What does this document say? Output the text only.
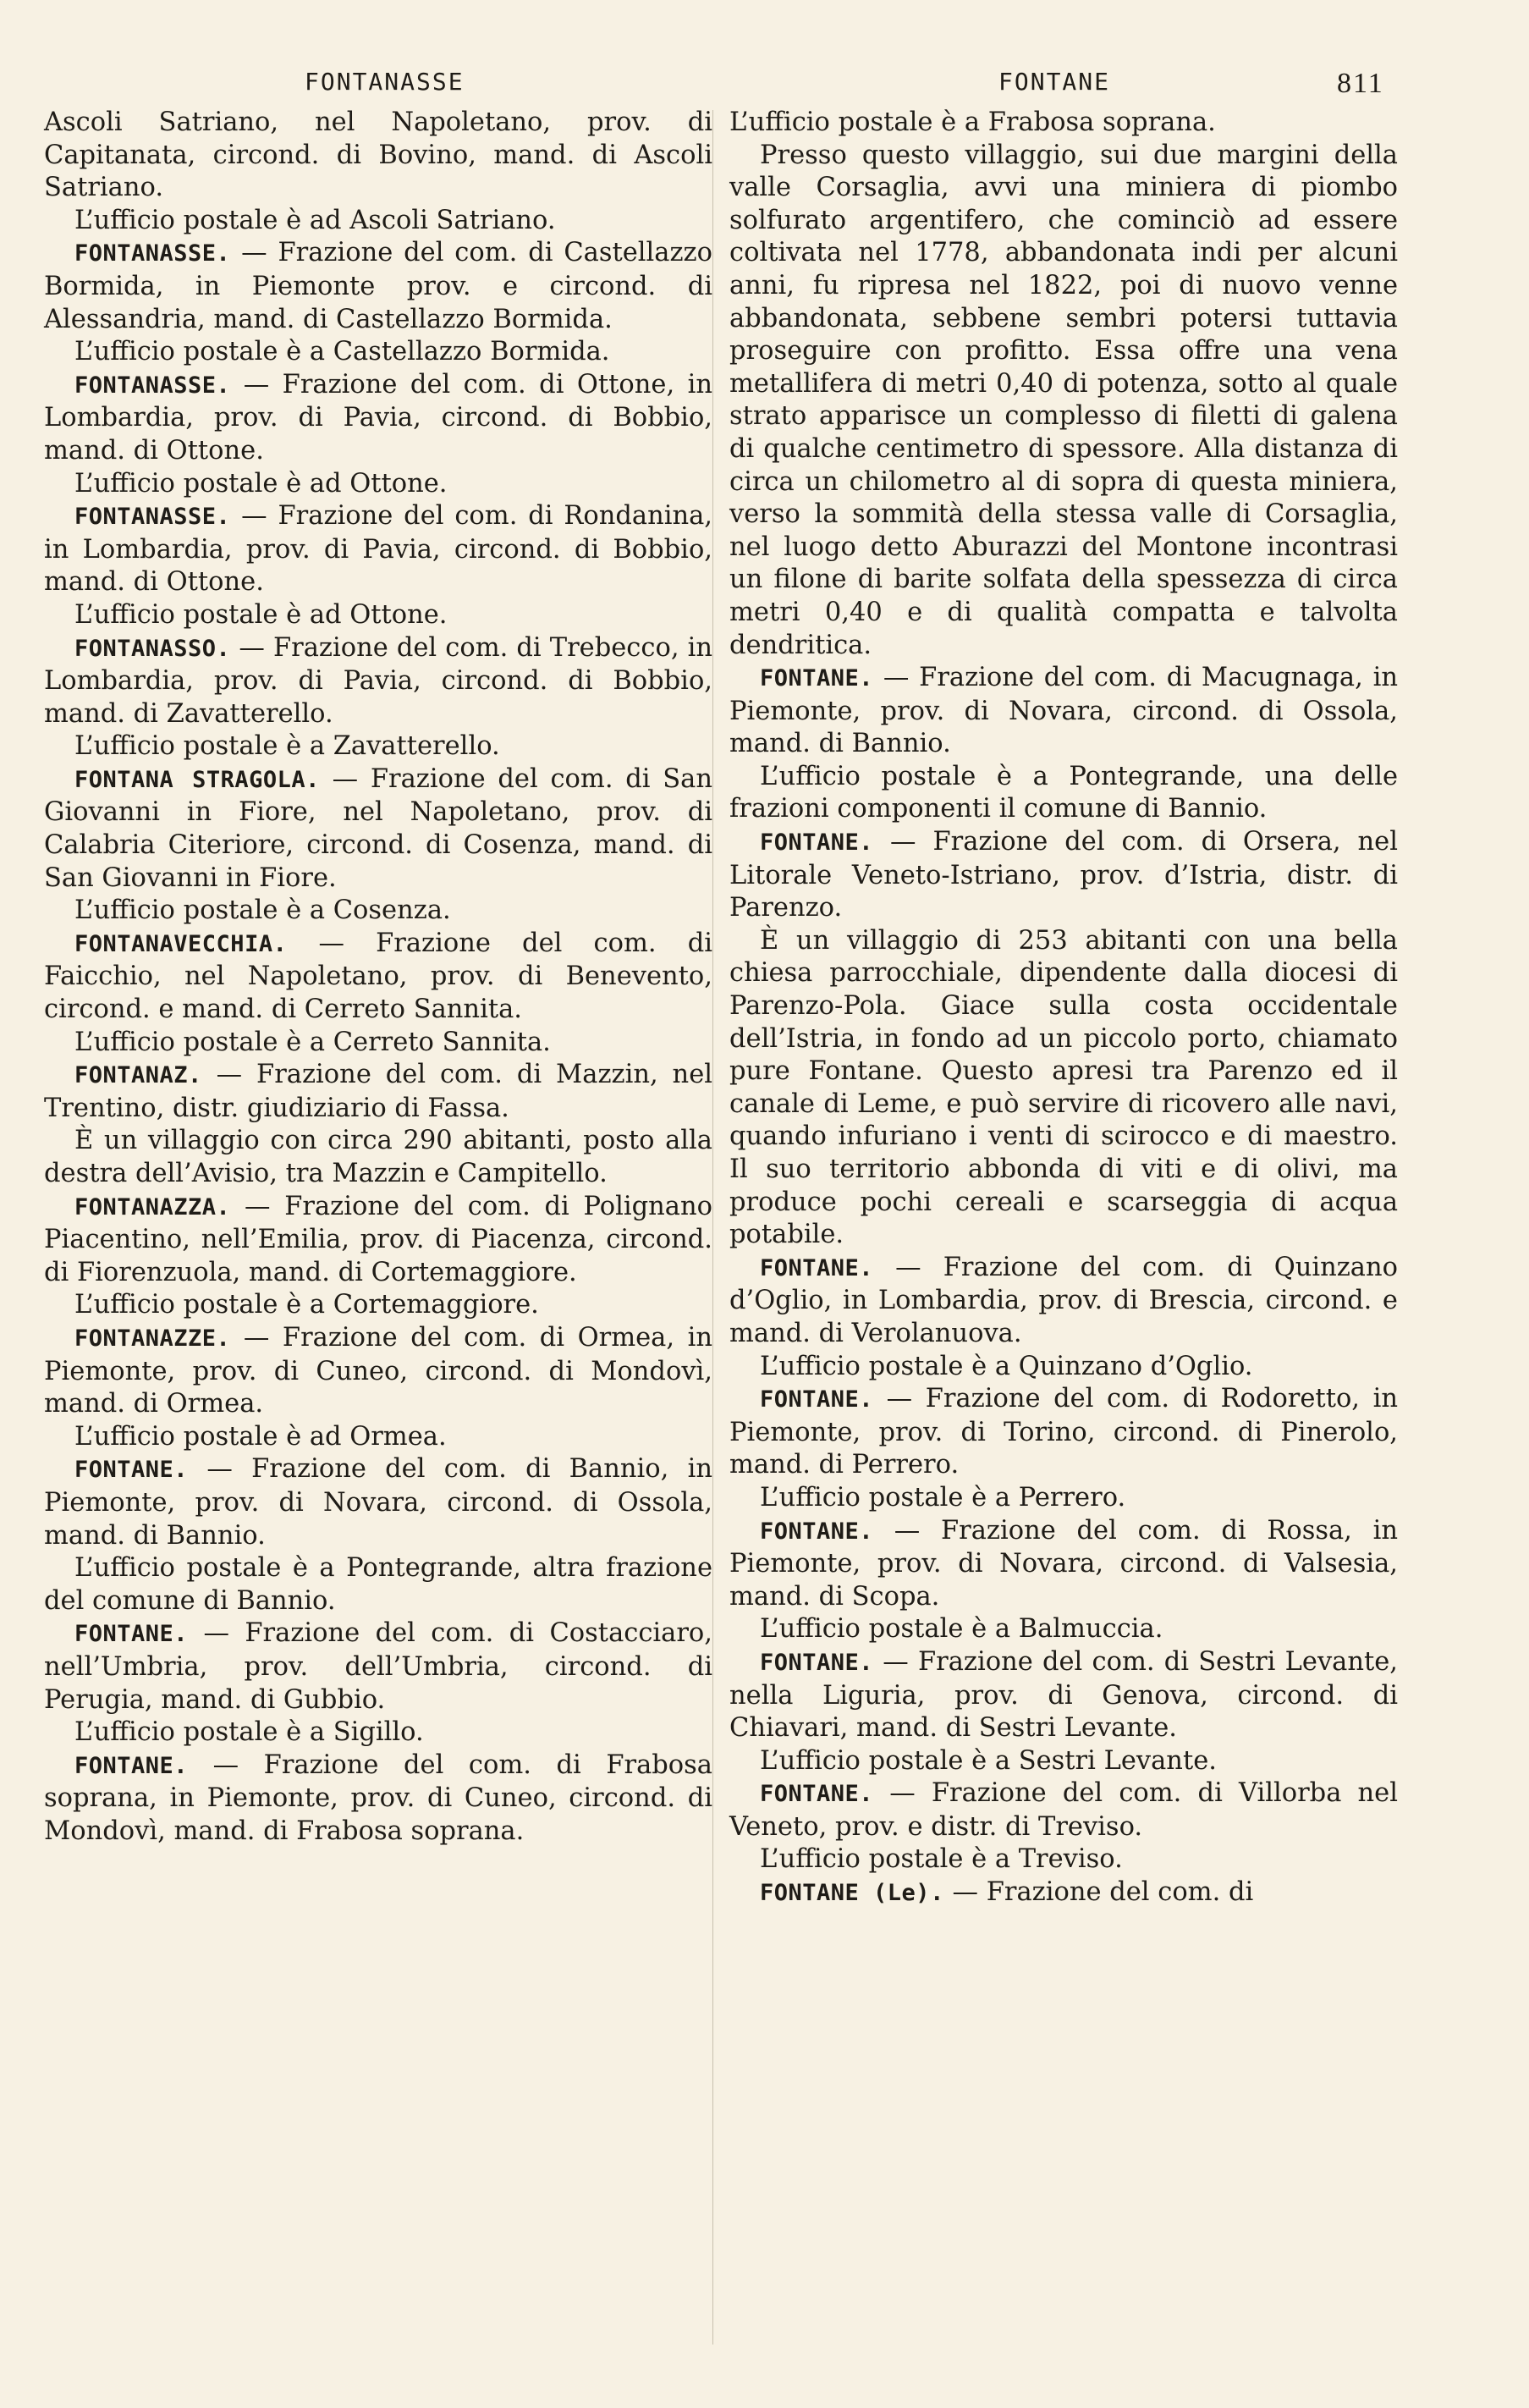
FONTANASSE	FONTANE	811

Ascoli Satriano, nel Napoletano, prov. di Capitanata, circond. di Bovino, mand. di Ascoli Satriano.

L’ufficio postale è ad Ascoli Satriano.

FONTANASSE. — Frazione del com. di Castellazzo Bormida, in Piemonte prov. e circond. di Alessandria, mand. di Castellazzo Bormida.

L’ufficio postale è a Castellazzo Bormida.

FONTANASSE. — Frazione del com. di Ottone, in Lombardia, prov. di Pavia, circond. di Bobbio, mand. di Ottone.

L’ufficio postale è ad Ottone.

FONTANASSE. — Frazione del com. di Rondanina, in Lombardia, prov. di Pavia, circond. di Bobbio, mand. di Ottone.

L’ufficio postale è ad Ottone.

FONTANASSO. — Frazione del com. di Trebecco, in Lombardia, prov. di Pavia, circond. di Bobbio, mand. di Zavatterello.

L’ufficio postale è a Zavatterello.

FONTANA STRAGOLA. — Frazione del com. di San Giovanni in Fiore, nel Napoletano, prov. di Calabria Citeriore, circond. di Cosenza, mand. di San Giovanni in Fiore.

L’ufficio postale è a Cosenza.

FONTANAVECCHIA. — Frazione del com. di Faicchio, nel Napoletano, prov. di Benevento, circond. e mand. di Cerreto Sannita.

L’ufficio postale è a Cerreto Sannita.

FONTANAZ. — Frazione del com. di Mazzin, nel Trentino, distr. giudiziario di Fassa.

È un villaggio con circa 290 abitanti, posto alla destra dell’Avisio, tra Mazzin e Campitello.

FONTANAZZA. — Frazione del com. di Polignano Piacentino, nell’Emilia, prov. di Piacenza, circond. di Fiorenzuola, mand. di Cortemaggiore.

L’ufficio postale è a Cortemaggiore.

FONTANAZZE. — Frazione del com. di Ormea, in Piemonte, prov. di Cuneo, circond. di Mondovì, mand. di Ormea.

L’ufficio postale è ad Ormea.

FONTANE. — Frazione del com. di Bannio, in Piemonte, prov. di Novara, circond. di Ossola, mand. di Bannio.

L’ufficio postale è a Pontegrande, altra frazione del comune di Bannio.

FONTANE. — Frazione del com. di Costacciaro, nell’Umbria, prov. dell’Umbria, circond. di Perugia, mand. di Gubbio.

L’ufficio postale è a Sigillo.

FONTANE. — Frazione del com. di Frabosa soprana, in Piemonte, prov. di Cuneo, circond. di Mondovì, mand. di Frabosa soprana.

L’ufficio postale è a Frabosa soprana.

Presso questo villaggio, sui due margini della valle Corsaglia, avvi una miniera di piombo solfurato argentifero, che cominciò ad essere coltivata nel 1778, abbandonata indi per alcuni anni, fu ripresa nel 1822, poi di nuovo venne abbandonata, sebbene sembri potersi tuttavia proseguire con profitto. Essa offre una vena metallifera di metri 0,40 di potenza, sotto al quale strato apparisce un complesso di filetti di galena di qualche centimetro di spessore. Alla distanza di circa un chilometro al di sopra di questa miniera, verso la sommità della stessa valle di Corsaglia, nel luogo detto Aburazzi del Montone incontrasi un filone di barite solfata della spessezza di circa metri 0,40 e di qualità compatta e talvolta dendritica.

FONTANE. — Frazione del com. di Macugnaga, in Piemonte, prov. di Novara, circond. di Ossola, mand. di Bannio.

L’ufficio postale è a Pontegrande, una delle frazioni componenti il comune di Bannio.

FONTANE. — Frazione del com. di Orsera, nel Litorale Veneto-Istriano, prov. d’Istria, distr. di Parenzo.

È un villaggio di 253 abitanti con una bella chiesa parrocchiale, dipendente dalla diocesi di Parenzo-Pola. Giace sulla costa occidentale dell’Istria, in fondo ad un piccolo porto, chiamato pure Fontane. Questo apresi tra Parenzo ed il canale di Leme, e può servire di ricovero alle navi, quando infuriano i venti di scirocco e di maestro. Il suo territorio abbonda di viti e di olivi, ma produce pochi cereali e scarseggia di acqua potabile.

FONTANE. — Frazione del com. di Quinzano d’Oglio, in Lombardia, prov. di Brescia, circond. e mand. di Verolanuova.

L’ufficio postale è a Quinzano d’Oglio.

FONTANE. — Frazione del com. di Rodoretto, in Piemonte, prov. di Torino, circond. di Pinerolo, mand. di Perrero.

L’ufficio postale è a Perrero.

FONTANE. — Frazione del com. di Rossa, in Piemonte, prov. di Novara, circond. di Valsesia, mand. di Scopa.

L’ufficio postale è a Balmuccia.

FONTANE. — Frazione del com. di Sestri Levante, nella Liguria, prov. di Genova, circond. di Chiavari, mand. di Sestri Levante.

L’ufficio postale è a Sestri Levante.

FONTANE. — Frazione del com. di Villorba nel Veneto, prov. e distr. di Treviso.

L’ufficio postale è a Treviso.

FONTANE (Le). — Frazione del com. di
